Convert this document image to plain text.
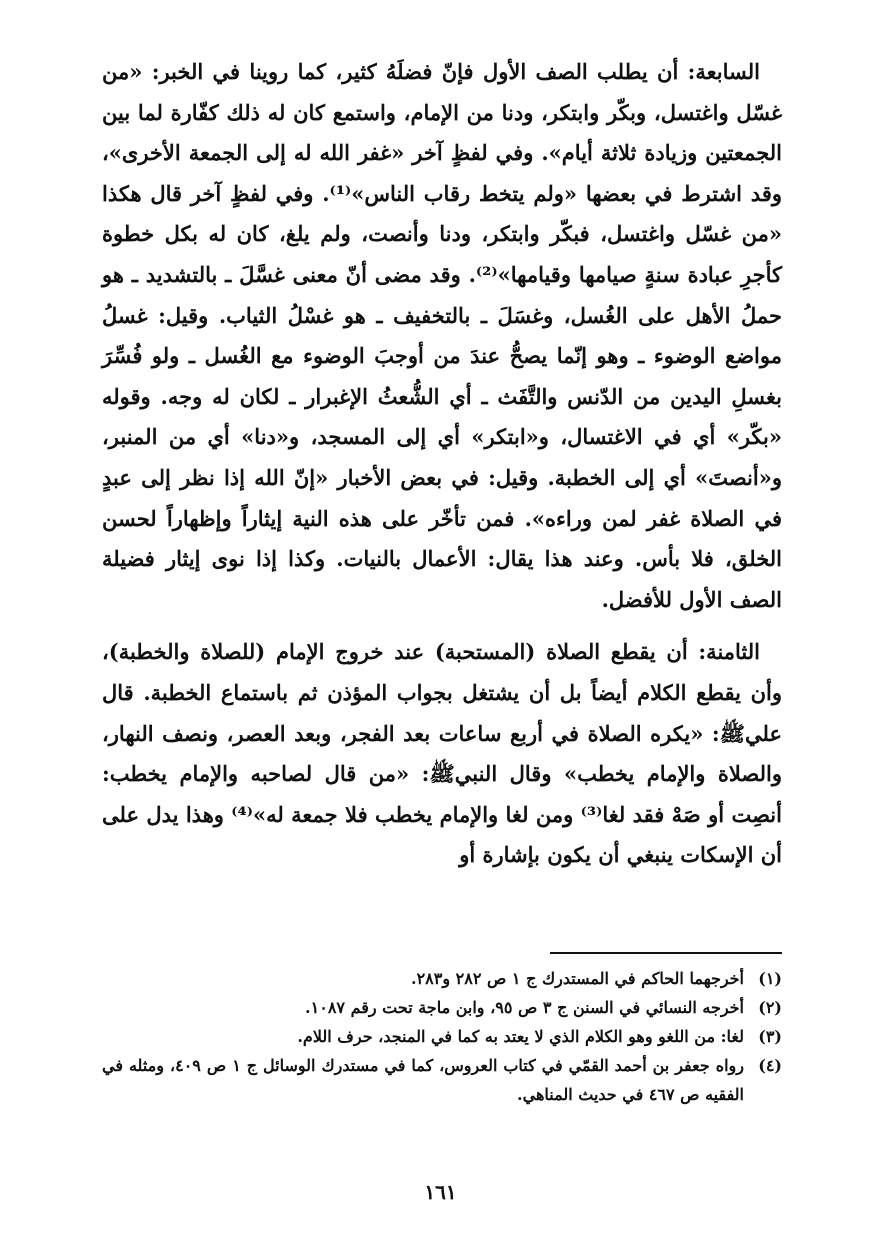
السابعة: أن يطلب الصف الأول فإنّ فضلَهُ كثير، كما روينا في الخبر: «من غسّل واغتسل، وبكّر وابتكر، ودنا من الإمام، واستمع كان له ذلك كفّارة لما بين الجمعتين وزيادة ثلاثة أيام». وفي لفظٍ آخر «غفر الله له إلى الجمعة الأخرى»، وقد اشترط في بعضها «ولم يتخط رقاب الناس»⁽¹⁾. وفي لفظٍ آخر قال هكذا «من غسّل واغتسل، فبكّر وابتكر، ودنا وأنصت، ولم يلغ، كان له بكل خطوة كأجرِ عبادة سنةٍ صيامها وقيامها»⁽²⁾. وقد مضى أنّ معنى غسَّلَ ـ بالتشديد ـ هو حملُ الأهل على الغُسل، وغسَلَ ـ بالتخفيف ـ هو غسْلُ الثياب. وقيل: غسلُ مواضع الوضوء ـ وهو إنّما يصحُّ عندَ من أوجبَ الوضوء مع الغُسل ـ ولو فُسِّرَ بغسلِ اليدين من الدّنس والتَّفَث ـ أي الشُّعثُ الإغبرار ـ لكان له وجه. وقوله «بكّر» أي في الاغتسال، و«ابتكر» أي إلى المسجد، و«دنا» أي من المنبر، و«أنصتَ» أي إلى الخطبة. وقيل: في بعض الأخبار «إنّ الله إذا نظر إلى عبدٍ في الصلاة غفر لمن وراءه». فمن تأخّر على هذه النية إيثاراً وإظهاراً لحسن الخلق، فلا بأس. وعند هذا يقال: الأعمال بالنيات. وكذا إذا نوى إيثار فضيلة الصف الأول للأفضل.

الثامنة: أن يقطع الصلاة (المستحبة) عند خروج الإمام (للصلاة والخطبة)، وأن يقطع الكلام أيضاً بل أن يشتغل بجواب المؤذن ثم باستماع الخطبة. قال عليﷺ: «يكره الصلاة في أربع ساعات بعد الفجر، وبعد العصر، ونصف النهار، والصلاة والإمام يخطب» وقال النبيﷺ: «من قال لصاحبه والإمام يخطب: أنصِت أو صَهْ فقد لغا⁽³⁾ ومن لغا والإمام يخطب فلا جمعة له»⁽⁴⁾ وهذا يدل على أن الإسكات ينبغي أن يكون بإشارة أو

(١)
أخرجهما الحاكم في المستدرك ج ١ ص ٢٨٢ و٢٨٣.
(٢)
أخرجه النسائي في السنن ج ٣ ص ٩٥، وابن ماجة تحت رقم ١٠٨٧.
(٣)
لغا: من اللغو وهو الكلام الذي لا يعتد به كما في المنجد، حرف اللام.
(٤)
رواه جعفر بن أحمد القمّي في كتاب العروس، كما في مستدرك الوسائل ج ١ ص ٤٠٩، ومثله في الفقيه ص ٤٦٧ في حديث المناهي.
١٦١
